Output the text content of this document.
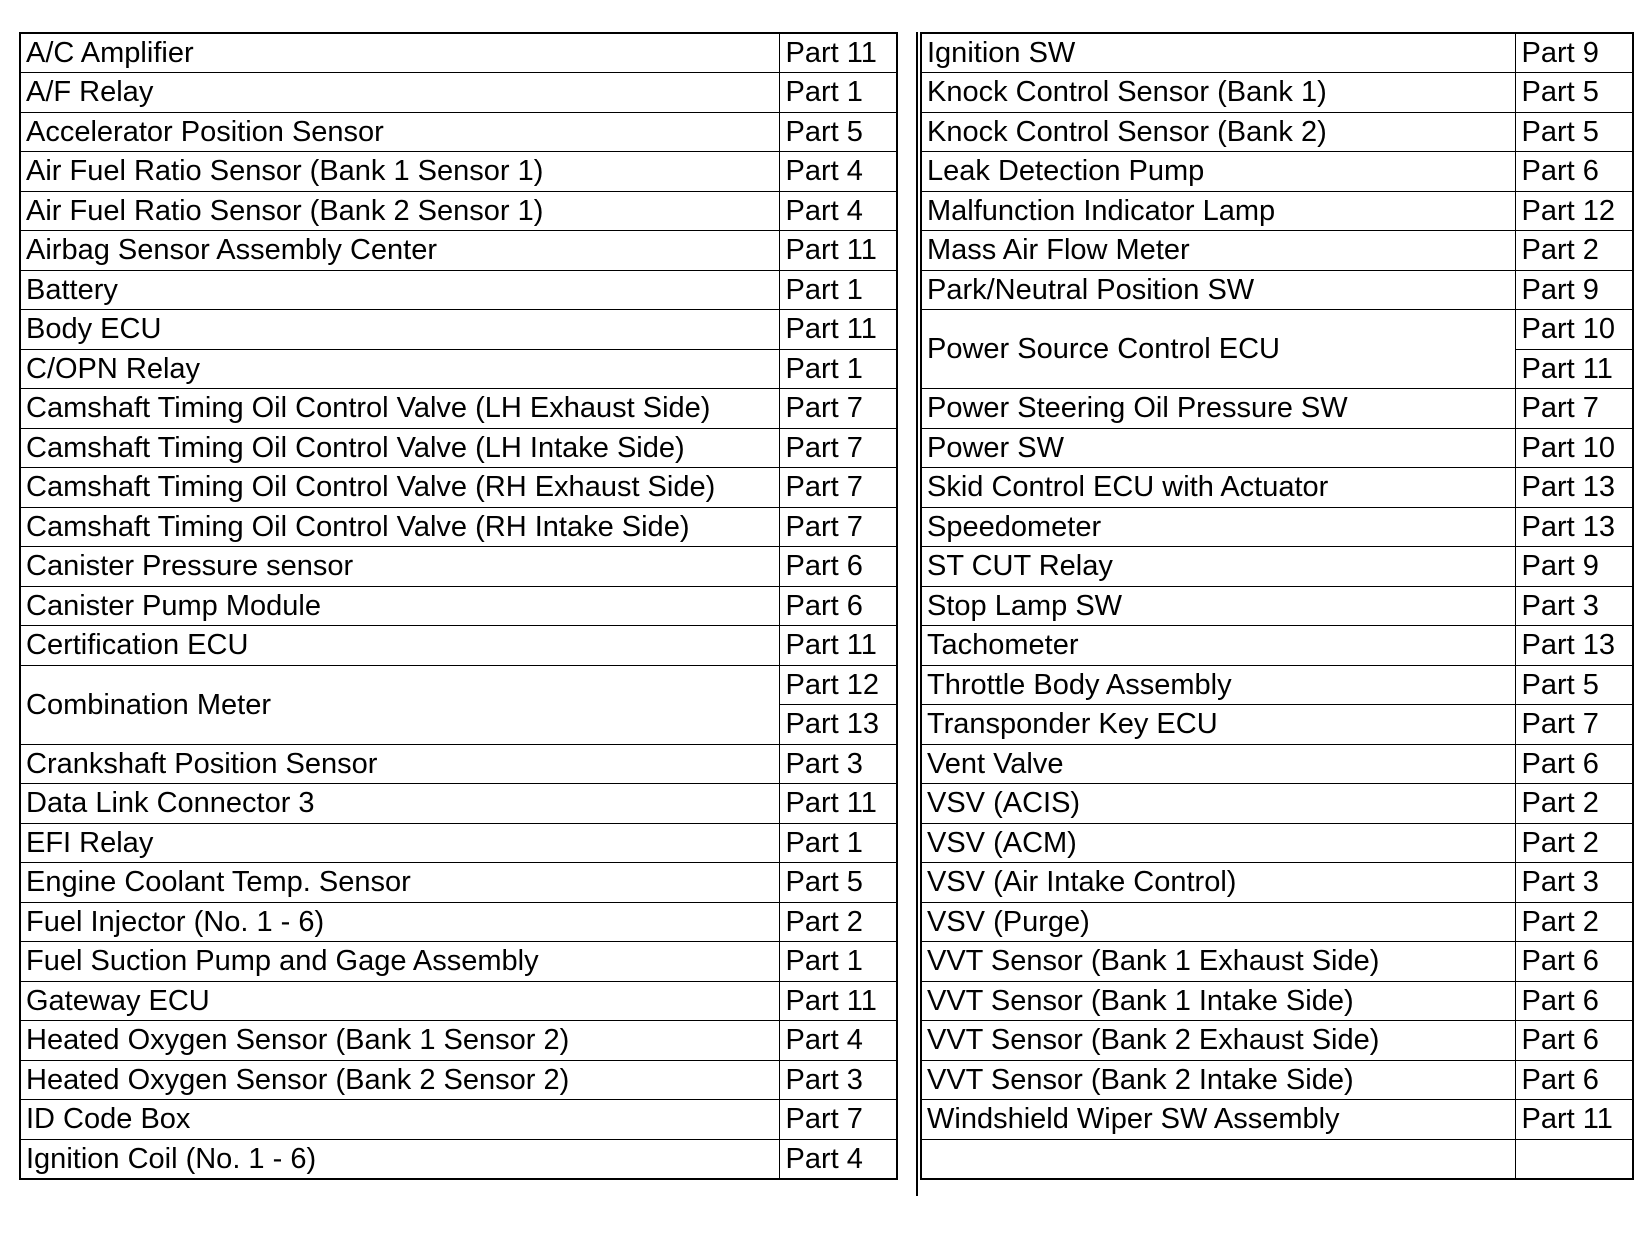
A/C Amplifier	Part 11
A/F Relay	Part 1
Accelerator Position Sensor	Part 5
Air Fuel Ratio Sensor (Bank 1 Sensor 1)	Part 4
Air Fuel Ratio Sensor (Bank 2 Sensor 1)	Part 4
Airbag Sensor Assembly Center	Part 11
Battery	Part 1
Body ECU	Part 11
C/OPN Relay	Part 1
Camshaft Timing Oil Control Valve (LH Exhaust Side)	Part 7
Camshaft Timing Oil Control Valve (LH Intake Side)	Part 7
Camshaft Timing Oil Control Valve (RH Exhaust Side)	Part 7
Camshaft Timing Oil Control Valve (RH Intake Side)	Part 7
Canister Pressure sensor	Part 6
Canister Pump Module	Part 6
Certification ECU	Part 11
Combination Meter	Part 12
	Part 13
Crankshaft Position Sensor	Part 3
Data Link Connector 3	Part 11
EFI Relay	Part 1
Engine Coolant Temp. Sensor	Part 5
Fuel Injector (No. 1 - 6)	Part 2
Fuel Suction Pump and Gage Assembly	Part 1
Gateway ECU	Part 11
Heated Oxygen Sensor (Bank 1 Sensor 2)	Part 4
Heated Oxygen Sensor (Bank 2 Sensor 2)	Part 3
ID Code Box	Part 7
Ignition Coil (No. 1 - 6)	Part 4
Ignition SW	Part 9
Knock Control Sensor (Bank 1)	Part 5
Knock Control Sensor (Bank 2)	Part 5
Leak Detection Pump	Part 6
Malfunction Indicator Lamp	Part 12
Mass Air Flow Meter	Part 2
Park/Neutral Position SW	Part 9
Power Source Control ECU	Part 10
	Part 11
Power Steering Oil Pressure SW	Part 7
Power SW	Part 10
Skid Control ECU with Actuator	Part 13
Speedometer	Part 13
ST CUT Relay	Part 9
Stop Lamp SW	Part 3
Tachometer	Part 13
Throttle Body Assembly	Part 5
Transponder Key ECU	Part 7
Vent Valve	Part 6
VSV (ACIS)	Part 2
VSV (ACM)	Part 2
VSV (Air Intake Control)	Part 3
VSV (Purge)	Part 2
VVT Sensor (Bank 1 Exhaust Side)	Part 6
VVT Sensor (Bank 1 Intake Side)	Part 6
VVT Sensor (Bank 2 Exhaust Side)	Part 6
VVT Sensor (Bank 2 Intake Side)	Part 6
Windshield Wiper SW Assembly	Part 11
